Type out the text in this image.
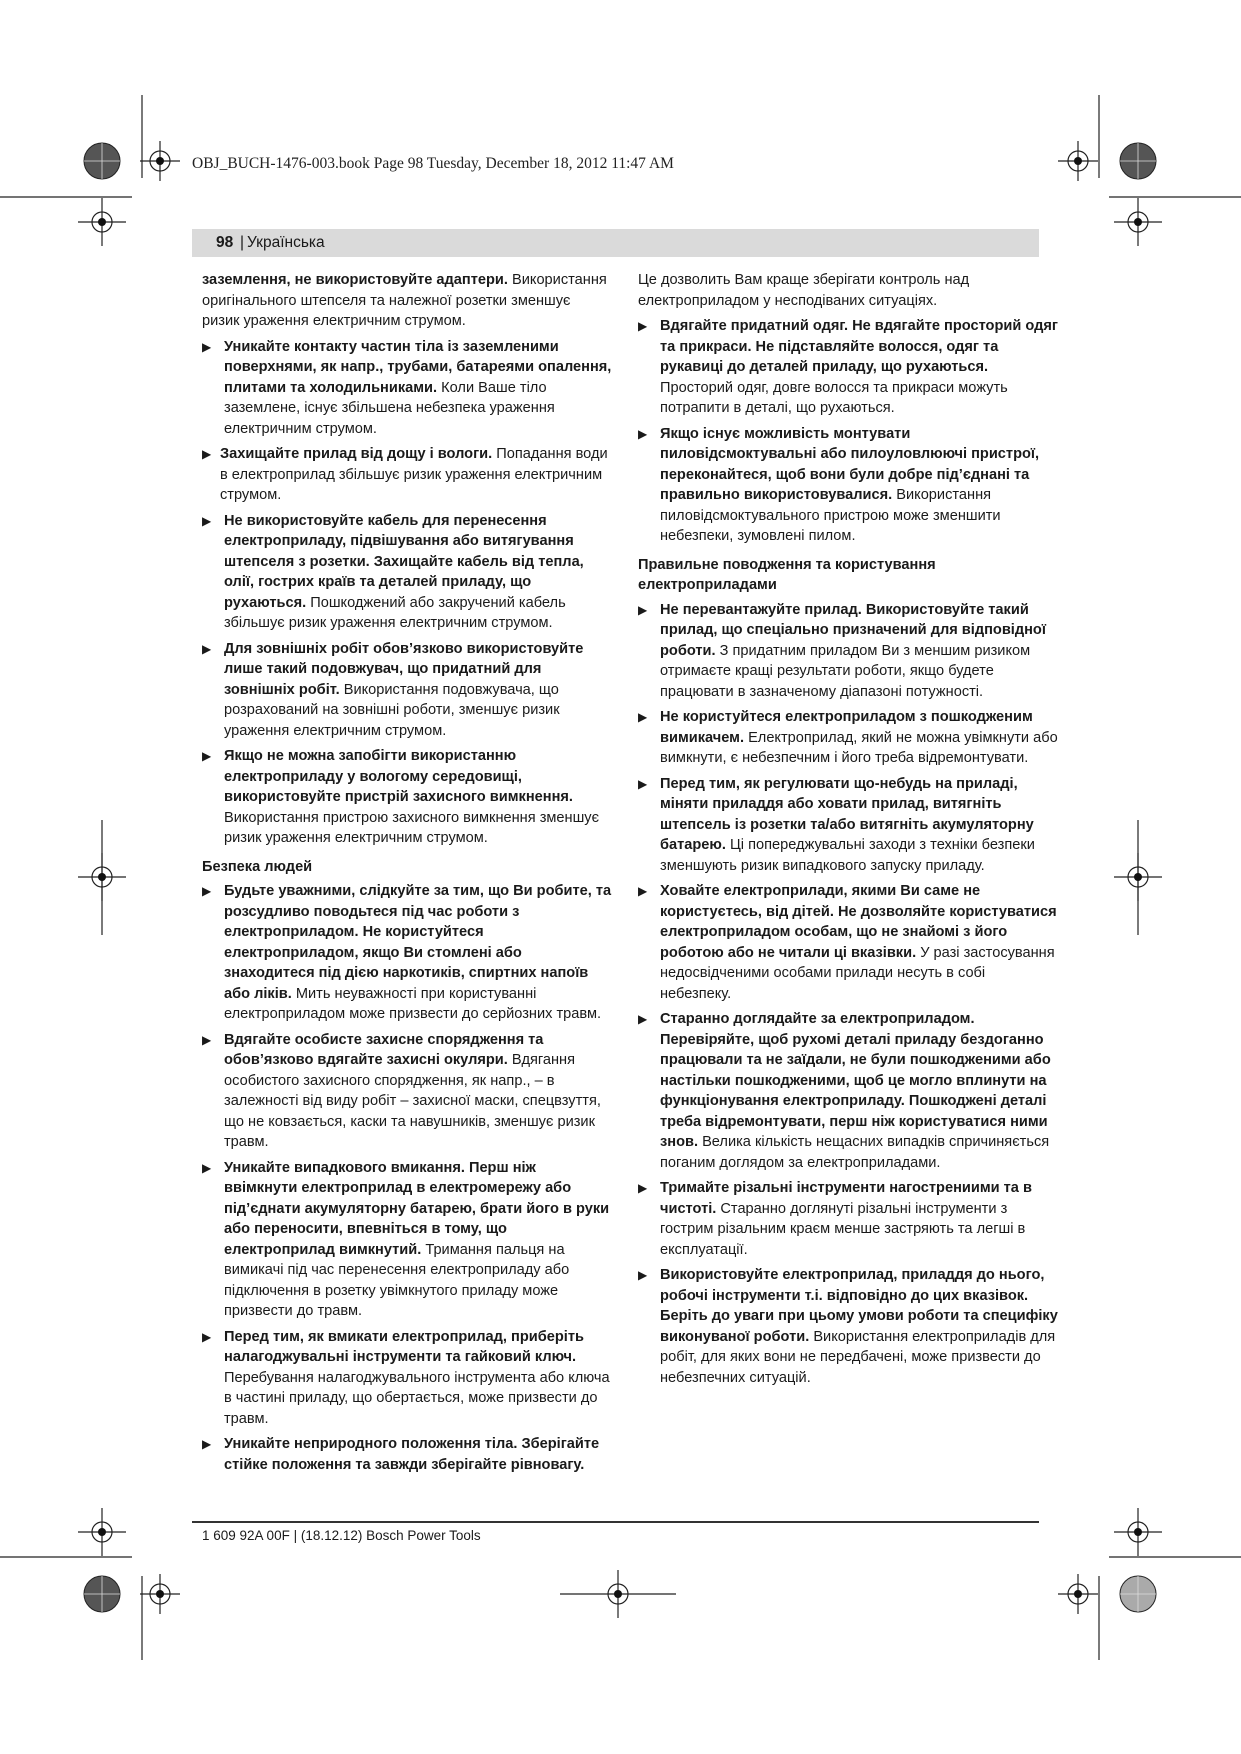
OBJ_BUCH-1476-003.book Page 98 Tuesday, December 18, 2012 11:47 AM
98
| Українська
заземлення, не використовуйте адаптери. Використання оригінального штепселя та належної розетки зменшує ризик ураження електричним струмом.
▶ Уникайте контакту частин тіла із заземленими поверхнями, як напр., трубами, батареями опалення, плитами та холодильниками. Коли Ваше тіло заземлене, існує збільшена небезпека ураження електричним струмом.
▶ Захищайте прилад від дощу і вологи. Попадання води в електроприлад збільшує ризик ураження електричним струмом.
▶ Не використовуйте кабель для перенесення електроприладу, підвішування або витягування штепселя з розетки. Захищайте кабель від тепла, олії, гострих країв та деталей приладу, що рухаються. Пошкоджений або закручений кабель збільшує ризик ураження електричним струмом.
▶ Для зовнішніх робіт обов’язково використовуйте лише такий подовжувач, що придатний для зовнішніх робіт. Використання подовжувача, що розрахований на зовнішні роботи, зменшує ризик ураження електричним струмом.
▶ Якщо не можна запобігти використанню електроприладу у вологому середовищі, використовуйте пристрій захисного вимкнення. Використання пристрою захисного вимкнення зменшує ризик ураження електричним струмом.
Безпека людей
▶ Будьте уважними, слідкуйте за тим, що Ви робите, та розсудливо поводьтеся під час роботи з електроприладом. Не користуйтеся електроприладом, якщо Ви стомлені або знаходитеся під дією наркотиків, спиртних напоїв або ліків. Мить неуважності при користуванні електроприладом може призвести до серйозних травм.
▶ Вдягайте особисте захисне спорядження та обов’язково вдягайте захисні окуляри. Вдягання особистого захисного спорядження, як напр., – в залежності від виду робіт – захисної маски, спецвзуття, що не ковзається, каски та навушників, зменшує ризик травм.
▶ Уникайте випадкового вмикання. Перш ніж ввімкнути електроприлад в електромережу або під’єднати акумуляторну батарею, брати його в руки або переносити, впевніться в тому, що електроприлад вимкнутий. Тримання пальця на вимикачі під час перенесення електроприладу або підключення в розетку увімкнутого приладу може призвести до травм.
▶ Перед тим, як вмикати електроприлад, приберіть налагоджувальні інструменти та гайковий ключ. Перебування налагоджувального інструмента або ключа в частині приладу, що обертається, може призвести до травм.
▶ Уникайте неприродного положення тіла. Зберігайте стійке положення та завжди зберігайте рівновагу.
Це дозволить Вам краще зберігати контроль над електроприладом у несподіваних ситуаціях.
▶ Вдягайте придатний одяг. Не вдягайте просторий одяг та прикраси. Не підставляйте волосся, одяг та рукавиці до деталей приладу, що рухаються. Просторий одяг, довге волосся та прикраси можуть потрапити в деталі, що рухаються.
▶ Якщо існує можливість монтувати пиловідсмоктувальні або пилоуловлюючі пристрої, переконайтеся, щоб вони були добре під’єднані та правильно використовувалися. Використання пиловідсмоктувального пристрою може зменшити небезпеки, зумовлені пилом.
Правильне поводження та користування електроприладами
▶ Не перевантажуйте прилад. Використовуйте такий прилад, що спеціально призначений для відповідної роботи. З придатним приладом Ви з меншим ризиком отримаєте кращі результати роботи, якщо будете працювати в зазначеному діапазоні потужності.
▶ Не користуйтеся електроприладом з пошкодженим вимикачем. Електроприлад, який не можна увімкнути або вимкнути, є небезпечним і його треба відремонтувати.
▶ Перед тим, як регулювати що-небудь на приладі, міняти приладдя або ховати прилад, витягніть штепсель із розетки та/або витягніть акумуляторну батарею. Ці попереджувальні заходи з техніки безпеки зменшують ризик випадкового запуску приладу.
▶ Ховайте електроприлади, якими Ви саме не користуєтесь, від дітей. Не дозволяйте користуватися електроприладом особам, що не знайомі з його роботою або не читали ці вказівки. У разі застосування недосвідченими особами прилади несуть в собі небезпеку.
▶ Старанно доглядайте за електроприладом. Перевіряйте, щоб рухомі деталі приладу бездоганно працювали та не заїдали, не були пошкодженими або настільки пошкодженими, щоб це могло вплинути на функціонування електроприладу. Пошкоджені деталі треба відремонтувати, перш ніж користуватися ними знов. Велика кількість нещасних випадків спричиняється поганим доглядом за електроприладами.
▶ Тримайте різальні інструменти нагострениими та в чистоті. Старанно доглянуті різальні інструменти з гострим різальним краєм менше застряють та легші в експлуатації.
▶ Використовуйте електроприлад, приладдя до нього, робочі інструменти т.і. відповідно до цих вказівок. Беріть до уваги при цьому умови роботи та специфіку виконуваної роботи. Використання електроприладів для робіт, для яких вони не передбачені, може призвести до небезпечних ситуацій.
1 609 92A 00F | (18.12.12) Bosch Power Tools
